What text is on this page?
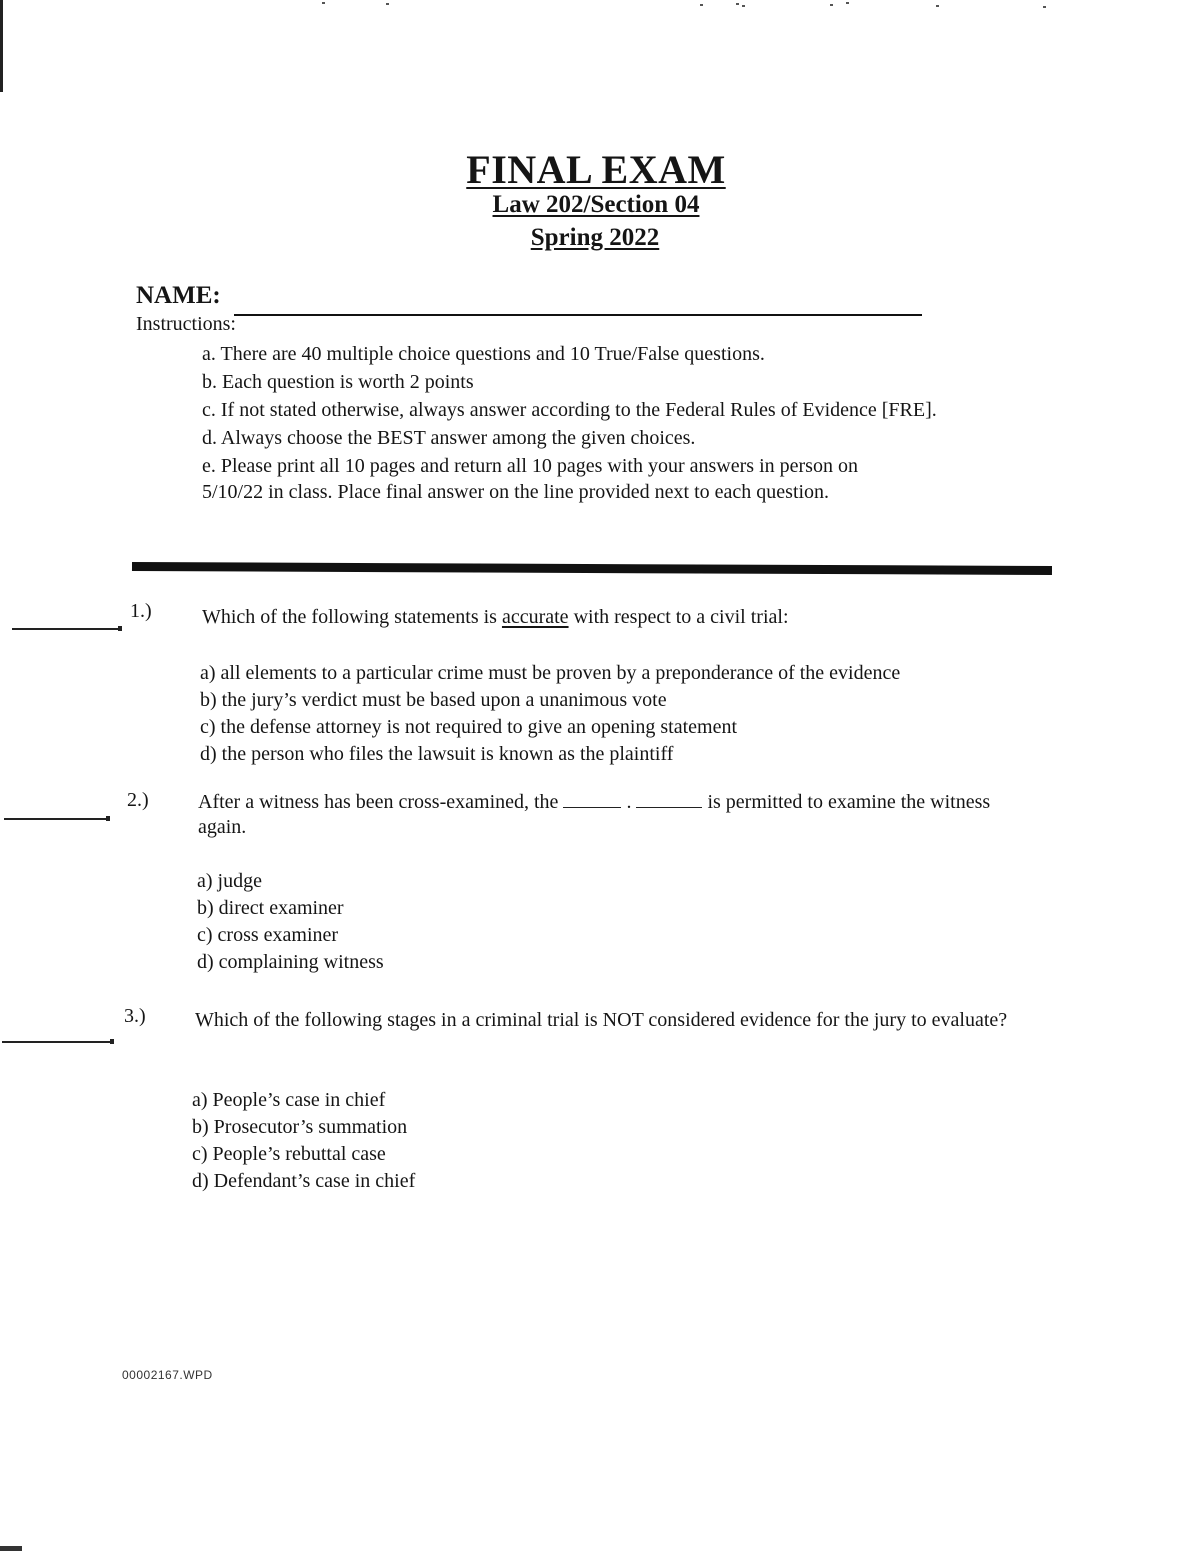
FINAL EXAM
Law 202/Section 04
Spring 2022
NAME:
Instructions:

a. There are 40 multiple choice questions and 10 True/False questions.

b. Each question is worth 2 points

c. If not stated otherwise, always answer according to the Federal Rules of Evidence [FRE].

d. Always choose the BEST answer among the given choices.

e. Please print all 10 pages and return all 10 pages with your answers in person on

5/10/22 in class. Place final answer on the line provided next to each question.

1.)	Which of the following statements is accurate with respect to a civil trial:

a) all elements to a particular crime must be proven by a preponderance of the evidence

b) the jury’s verdict must be based upon a unanimous vote

c) the defense attorney is not required to give an opening statement

d) the person who files the lawsuit is known as the plaintiff

2.) After a witness has been cross-examined, the	.	is permitted to examine the witness again.

a) judge

b) direct examiner

c) cross examiner

d) complaining witness

3.) Which of the following stages in a criminal trial is NOT considered evidence for the jury to evaluate?

a) People’s case in chief

b) Prosecutor’s summation

c) People’s rebuttal case

d) Defendant’s case in chief

00002167.WPD
